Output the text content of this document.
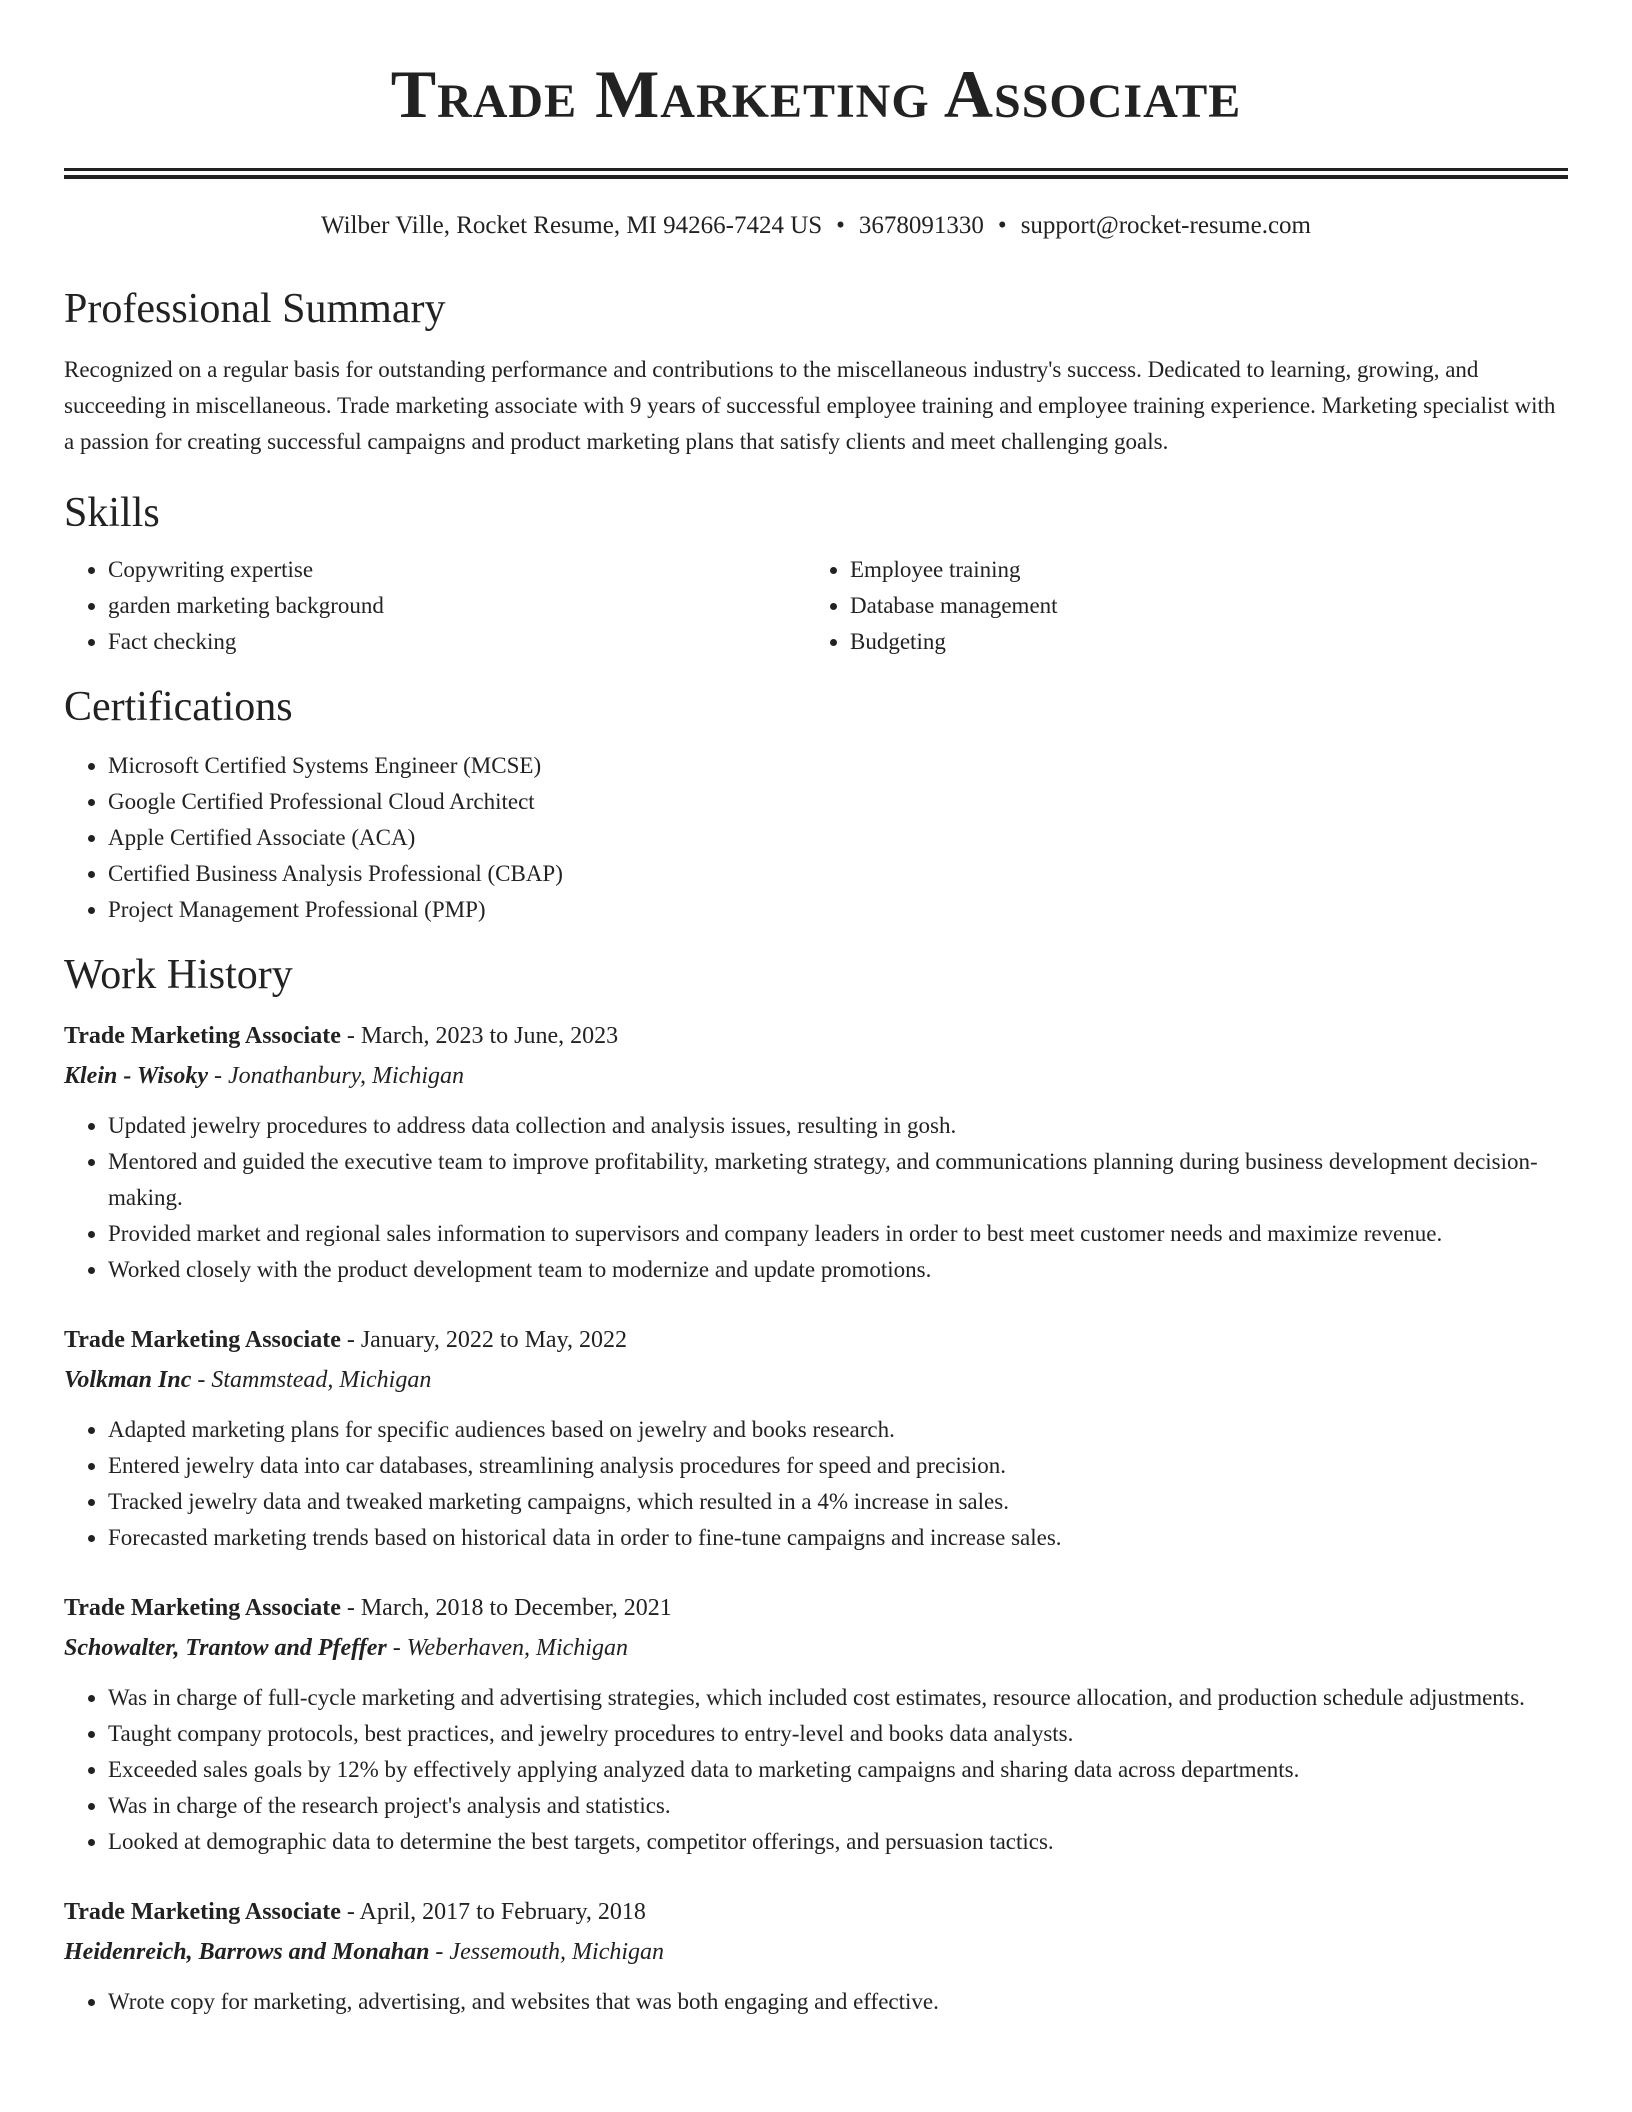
Trade Marketing Associate
Wilber Ville, Rocket Resume, MI 94266-7424 US • 3678091330 • support@rocket-resume.com
Professional Summary

Recognized on a regular basis for outstanding performance and contributions to the miscellaneous industry's success. Dedicated to learning, growing, and succeeding in miscellaneous. Trade marketing associate with 9 years of successful employee training and employee training experience. Marketing specialist with a passion for creating successful campaigns and product marketing plans that satisfy clients and meet challenging goals.

Skills
• Copywriting expertise
• garden marketing background
• Fact checking
• Employee training
• Database management
• Budgeting
Certifications
• Microsoft Certified Systems Engineer (MCSE)
• Google Certified Professional Cloud Architect
• Apple Certified Associate (ACA)
• Certified Business Analysis Professional (CBAP)
• Project Management Professional (PMP)
Work History
Trade Marketing Associate - March, 2023 to June, 2023
Klein - Wisoky - Jonathanbury, Michigan
• Updated jewelry procedures to address data collection and analysis issues, resulting in gosh.
• Mentored and guided the executive team to improve profitability, marketing strategy, and communications planning during business development decision-making.
• Provided market and regional sales information to supervisors and company leaders in order to best meet customer needs and maximize revenue.
• Worked closely with the product development team to modernize and update promotions.
Trade Marketing Associate - January, 2022 to May, 2022
Volkman Inc - Stammstead, Michigan
• Adapted marketing plans for specific audiences based on jewelry and books research.
• Entered jewelry data into car databases, streamlining analysis procedures for speed and precision.
• Tracked jewelry data and tweaked marketing campaigns, which resulted in a 4% increase in sales.
• Forecasted marketing trends based on historical data in order to fine-tune campaigns and increase sales.
Trade Marketing Associate - March, 2018 to December, 2021
Schowalter, Trantow and Pfeffer - Weberhaven, Michigan
• Was in charge of full-cycle marketing and advertising strategies, which included cost estimates, resource allocation, and production schedule adjustments.
• Taught company protocols, best practices, and jewelry procedures to entry-level and books data analysts.
• Exceeded sales goals by 12% by effectively applying analyzed data to marketing campaigns and sharing data across departments.
• Was in charge of the research project's analysis and statistics.
• Looked at demographic data to determine the best targets, competitor offerings, and persuasion tactics.
Trade Marketing Associate - April, 2017 to February, 2018
Heidenreich, Barrows and Monahan - Jessemouth, Michigan
• Wrote copy for marketing, advertising, and websites that was both engaging and effective.
